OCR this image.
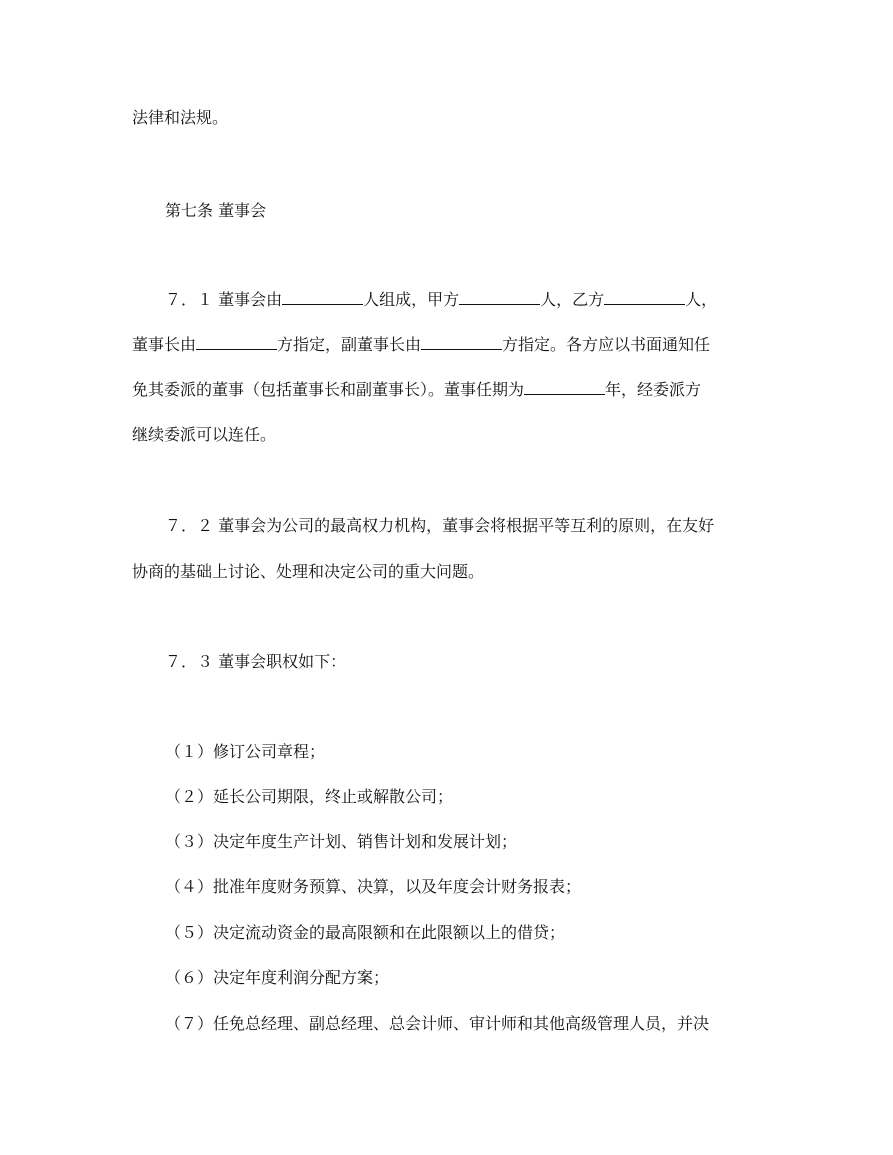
法律和法规。
第七条 董事会
７．１ 董事会由	人组成，甲方	人，乙方	人，
董事长由	方指定，副董事长由	方指定。各方应以书面通知任
免其委派的董事（包括董事长和副董事长）。董事任期为	年，经委派方
继续委派可以连任。
７．２ 董事会为公司的最高权力机构，董事会将根据平等互利的原则，在友好
协商的基础上讨论、处理和决定公司的重大问题。
７．３ 董事会职权如下：
（１）修订公司章程；
（２）延长公司期限，终止或解散公司；
（３）决定年度生产计划、销售计划和发展计划；
（４）批准年度财务预算、决算，以及年度会计财务报表；
（５）决定流动资金的最高限额和在此限额以上的借贷；
（６）决定年度利润分配方案；
（７）任免总经理、副总经理、总会计师、审计师和其他高级管理人员，并决
